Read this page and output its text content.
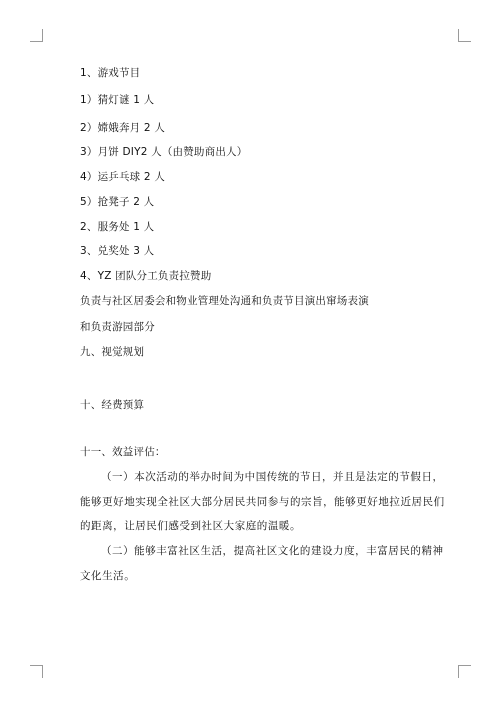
1、游戏节目
1）猜灯谜 1 人
2）嫦娥奔月 2 人
3）月饼 DIY2 人（由赞助商出人）
4）运乒乓球 2 人
5）抢凳子 2 人
2、服务处 1 人
3、兑奖处 3 人
4、YZ 团队分工负责拉赞助
负责与社区居委会和物业管理处沟通和负责节目演出窜场表演
和负责游园部分
九、视觉规划
十、经费预算
十一、效益评估：
（一）本次活动的举办时间为中国传统的节日，并且是法定的节假日，能够更好地实现全社区大部分居民共同参与的宗旨，能够更好地拉近居民们的距离，让居民们感受到社区大家庭的温暖。
（二）能够丰富社区生活，提高社区文化的建设力度，丰富居民的精神文化生活。
